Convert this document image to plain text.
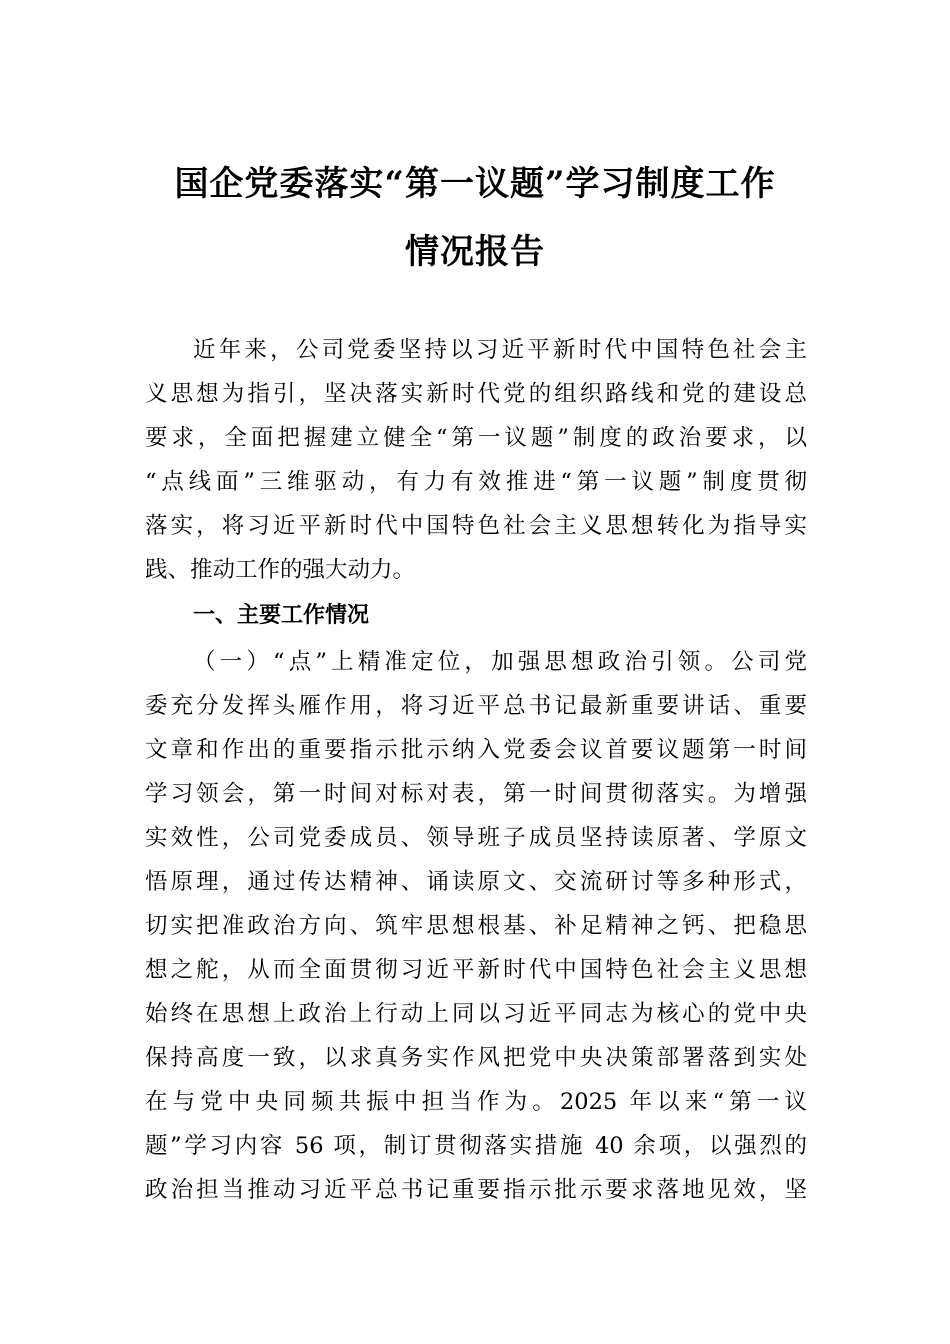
国企党委落实“第一议题”学习制度工作
情况报告
近年来，公司党委坚持以习近平新时代中国特色社会主
义思想为指引，坚决落实新时代党的组织路线和党的建设总
要求，全面把握建立健全“第一议题”制度的政治要求，以
“点线面”三维驱动，有力有效推进“第一议题”制度贯彻
落实，将习近平新时代中国特色社会主义思想转化为指导实
践、推动工作的强大动力。
一、主要工作情况
（一）“点”上精准定位，加强思想政治引领。公司党
委充分发挥头雁作用，将习近平总书记最新重要讲话、重要
文章和作出的重要指示批示纳入党委会议首要议题第一时间
学习领会，第一时间对标对表，第一时间贯彻落实。为增强
实效性，公司党委成员、领导班子成员坚持读原著、学原文
悟原理，通过传达精神、诵读原文、交流研讨等多种形式，
切实把准政治方向、筑牢思想根基、补足精神之钙、把稳思
想之舵，从而全面贯彻习近平新时代中国特色社会主义思想
始终在思想上政治上行动上同以习近平同志为核心的党中央
保持高度一致，以求真务实作风把党中央决策部署落到实处
在与党中央同频共振中担当作为。2025 年以来“第一议
题”学习内容 56 项，制订贯彻落实措施 40 余项，以强烈的
政治担当推动习近平总书记重要指示批示要求落地见效，坚
